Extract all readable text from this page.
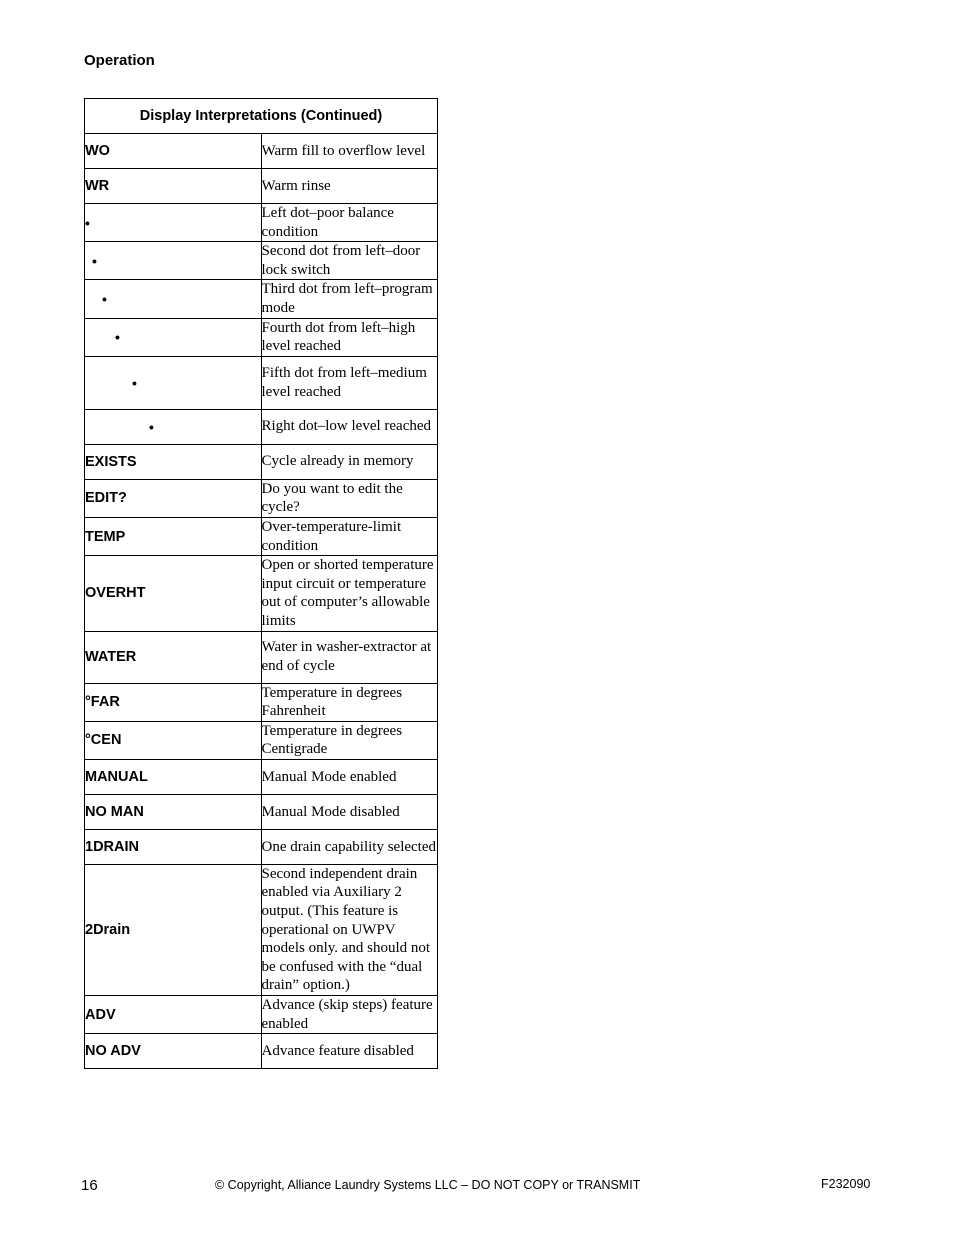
Operation
Display Interpretations (Continued)	
WO	Warm fill to overflow level
WR	Warm rinse
•	Left dot–poor balance condition
•	Second dot from left–door lock switch
•	Third dot from left–program mode
•	Fourth dot from left–high level reached
•	Fifth dot from left–medium level reached
•	Right dot–low level reached
EXISTS	Cycle already in memory
EDIT?	Do you want to edit the cycle?
TEMP	Over-temperature-limit condition
OVERHT	Open or shorted temperature input circuit or temperature out of computer’s allowable limits
WATER	Water in washer-extractor at end of cycle
°FAR	Temperature in degrees Fahrenheit
°CEN	Temperature in degrees Centigrade
MANUAL	Manual Mode enabled
NO MAN	Manual Mode disabled
1DRAIN	One drain capability selected
2Drain	Second independent drain enabled via Auxiliary 2 output. (This feature is operational on UWPV models only. and should not be confused with the “dual drain” option.)
ADV	Advance (skip steps) feature enabled
NO ADV	Advance feature disabled
16	© Copyright, Alliance Laundry Systems LLC – DO NOT COPY or TRANSMIT	F232090
